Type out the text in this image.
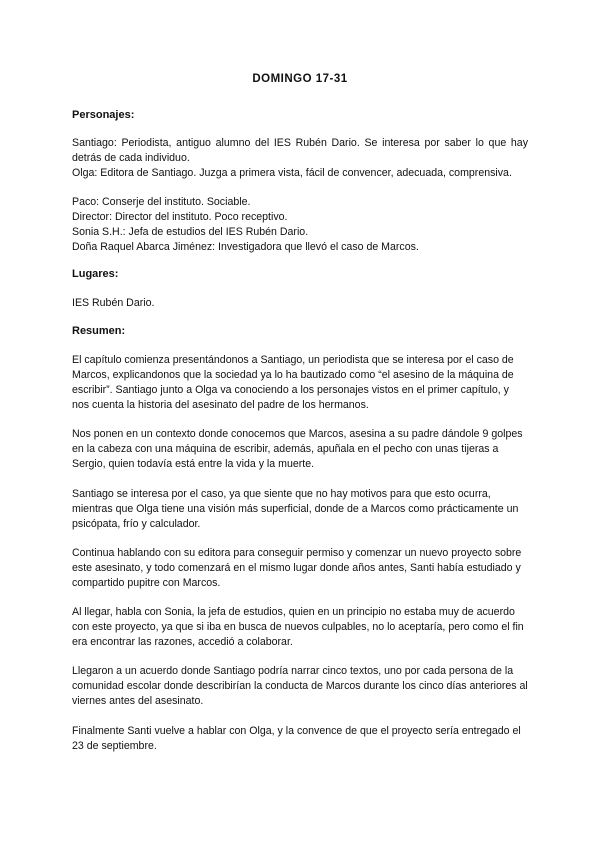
DOMINGO 17-31
Personajes:
Santiago: Periodista, antiguo alumno del IES Rubén Dario. Se interesa por saber lo que hay detrás de cada individuo.
Olga: Editora de Santiago. Juzga a primera vista, fácil de convencer, adecuada, comprensiva.
Paco: Conserje del instituto. Sociable.
Director: Director del instituto. Poco receptivo.
Sonia S.H.: Jefa de estudios del IES Rubén Dario.
Doña Raquel Abarca Jiménez: Investigadora que llevó el caso de Marcos.
Lugares:
IES Rubén Dario.
Resumen:
El capítulo comienza presentándonos a Santiago, un periodista que se interesa por el caso de Marcos, explicandonos que la sociedad ya lo ha bautizado como “el asesino de la máquina de escribir”. Santiago junto a Olga va conociendo a los personajes vistos en el primer capítulo, y nos cuenta la historia del asesinato del padre de los hermanos.
Nos ponen en un contexto donde conocemos que Marcos, asesina a su padre dándole 9 golpes en la cabeza con una máquina de escribir, además, apuñala en el pecho con unas tijeras a Sergio, quien todavía está entre la vida y la muerte.
Santiago se interesa por el caso, ya que siente que no hay motivos para que esto ocurra, mientras que Olga tiene una visión más superficial, donde de a Marcos como prácticamente un psicópata, frío y calculador.
Continua hablando con su editora para conseguir permiso y comenzar un nuevo proyecto sobre este asesinato, y todo comenzará en el mismo lugar donde años antes, Santi había estudiado y compartido pupitre con Marcos.
Al llegar, habla con Sonia, la jefa de estudios, quien en un principio no estaba muy de acuerdo con este proyecto, ya que si iba en busca de nuevos culpables, no lo aceptaría, pero como el fin era encontrar las razones, accedió a colaborar.
Llegaron a un acuerdo donde Santiago podría narrar cinco textos, uno por cada persona de la comunidad escolar donde describirían la conducta de Marcos durante los cinco días anteriores al viernes antes del asesinato.
Finalmente Santi vuelve a hablar con Olga, y la convence de que el proyecto sería entregado el 23 de septiembre.
